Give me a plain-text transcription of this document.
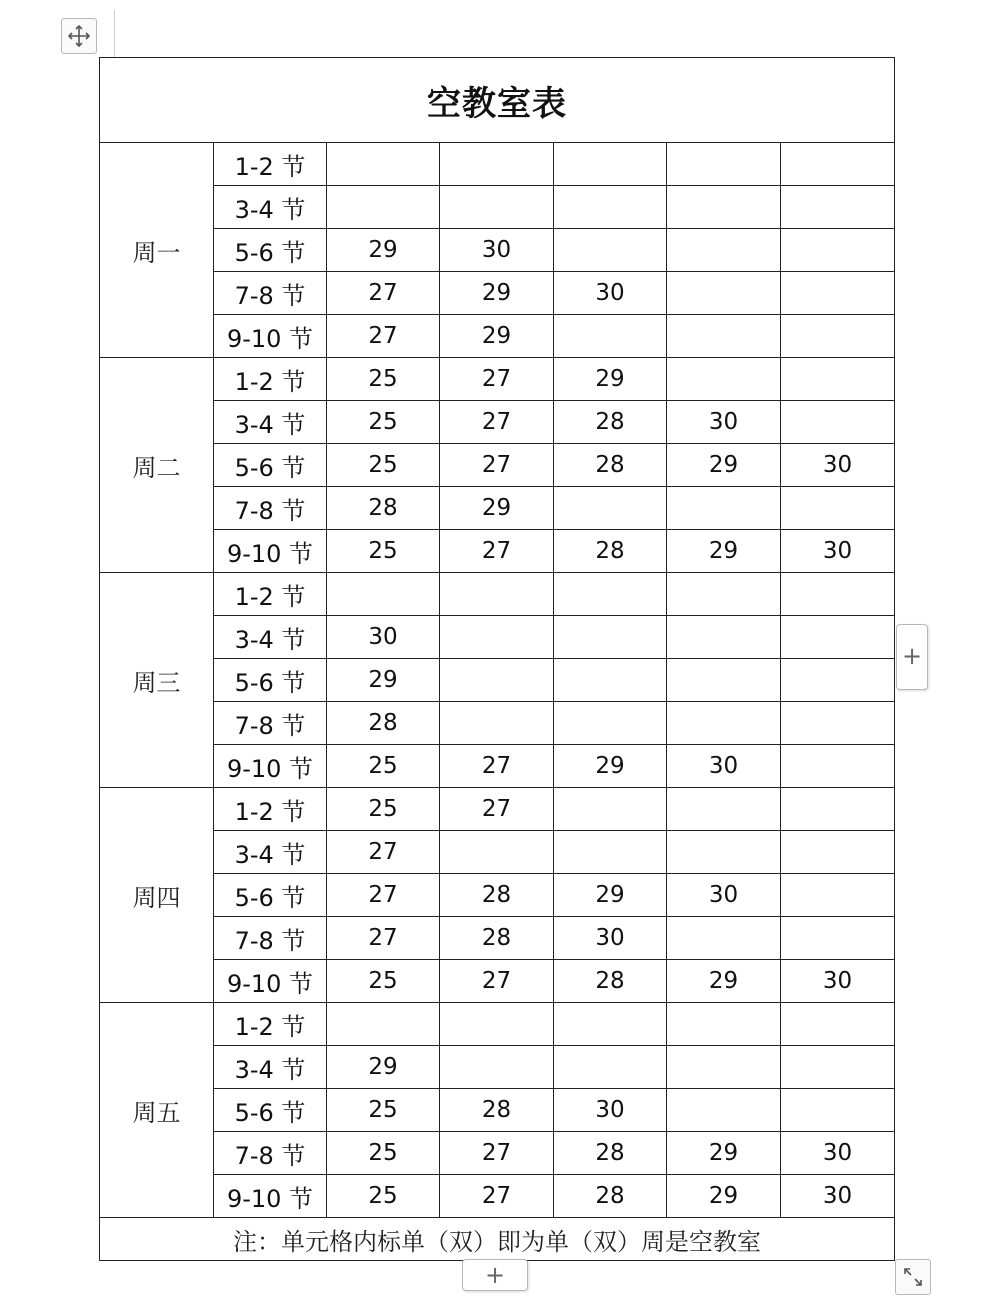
空教室表						
周一	1-2 节					
	3-4 节					
	5-6 节	29	30			
	7-8 节	27	29	30		
	9-10 节	27	29			
周二	1-2 节	25	27	29		
	3-4 节	25	27	28	30	
	5-6 节	25	27	28	29	30
	7-8 节	28	29			
	9-10 节	25	27	28	29	30
周三	1-2 节					
	3-4 节	30				
	5-6 节	29				
	7-8 节	28				
	9-10 节	25	27	29	30	
周四	1-2 节	25	27			
	3-4 节	27				
	5-6 节	27	28	29	30	
	7-8 节	27	28	30		
	9-10 节	25	27	28	29	30
周五	1-2 节					
	3-4 节	29				
	5-6 节	25	28	30		
	7-8 节	25	27	28	29	30
	9-10 节	25	27	28	29	30
注：单元格内标单（双）即为单（双）周是空教室						
+
+
